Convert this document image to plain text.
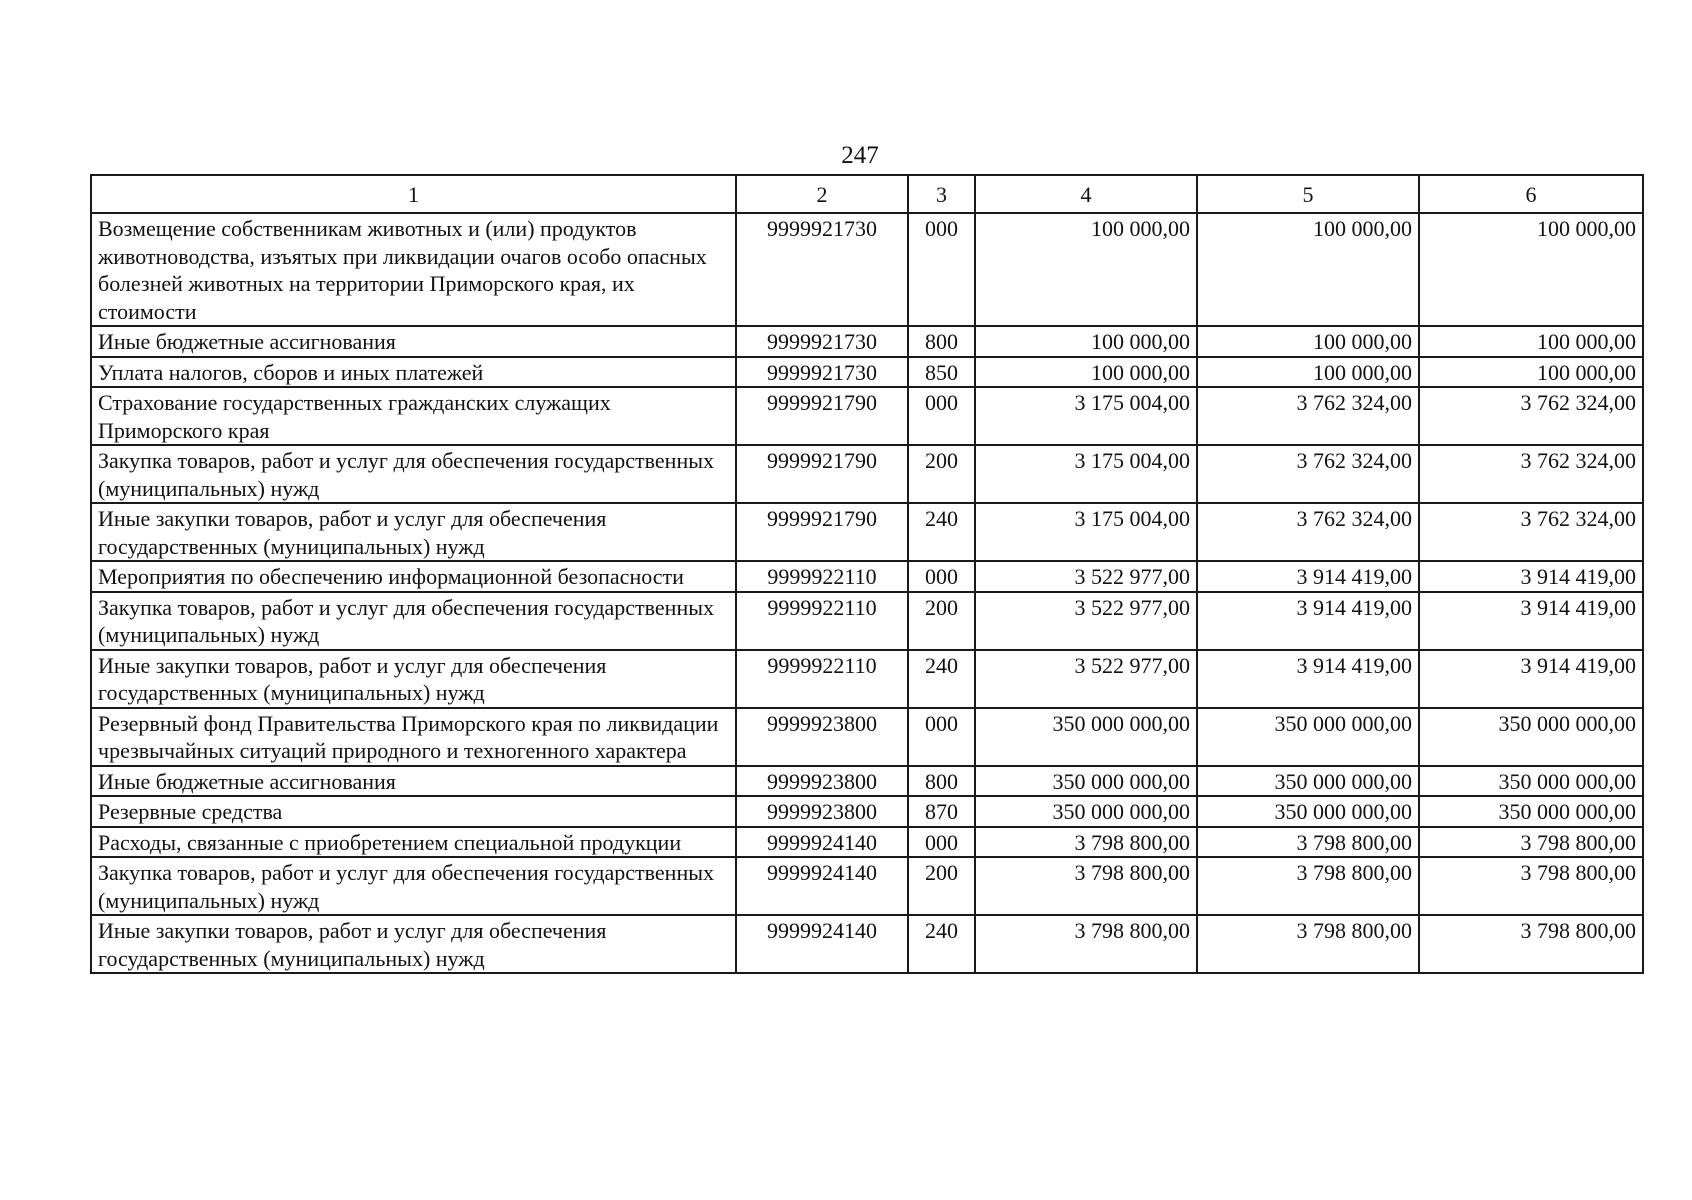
247
1	2	3	4	5	6
Возмещение собственникам животных и (или) продуктов животноводства, изъятых при ликвидации очагов особо опасных болезней животных на территории Приморского края, их стоимости	9999921730	000	100 000,00	100 000,00	100 000,00
Иные бюджетные ассигнования	9999921730	800	100 000,00	100 000,00	100 000,00
Уплата налогов, сборов и иных платежей	9999921730	850	100 000,00	100 000,00	100 000,00
Страхование государственных гражданских служащих Приморского края	9999921790	000	3 175 004,00	3 762 324,00	3 762 324,00
Закупка товаров, работ и услуг для обеспечения государственных (муниципальных) нужд	9999921790	200	3 175 004,00	3 762 324,00	3 762 324,00
Иные закупки товаров, работ и услуг для обеспечения государственных (муниципальных) нужд	9999921790	240	3 175 004,00	3 762 324,00	3 762 324,00
Мероприятия по обеспечению информационной безопасности	9999922110	000	3 522 977,00	3 914 419,00	3 914 419,00
Закупка товаров, работ и услуг для обеспечения государственных (муниципальных) нужд	9999922110	200	3 522 977,00	3 914 419,00	3 914 419,00
Иные закупки товаров, работ и услуг для обеспечения государственных (муниципальных) нужд	9999922110	240	3 522 977,00	3 914 419,00	3 914 419,00
Резервный фонд Правительства Приморского края по ликвидации чрезвычайных ситуаций природного и техногенного характера	9999923800	000	350 000 000,00	350 000 000,00	350 000 000,00
Иные бюджетные ассигнования	9999923800	800	350 000 000,00	350 000 000,00	350 000 000,00
Резервные средства	9999923800	870	350 000 000,00	350 000 000,00	350 000 000,00
Расходы, связанные с приобретением специальной продукции	9999924140	000	3 798 800,00	3 798 800,00	3 798 800,00
Закупка товаров, работ и услуг для обеспечения государственных (муниципальных) нужд	9999924140	200	3 798 800,00	3 798 800,00	3 798 800,00
Иные закупки товаров, работ и услуг для обеспечения государственных (муниципальных) нужд	9999924140	240	3 798 800,00	3 798 800,00	3 798 800,00
